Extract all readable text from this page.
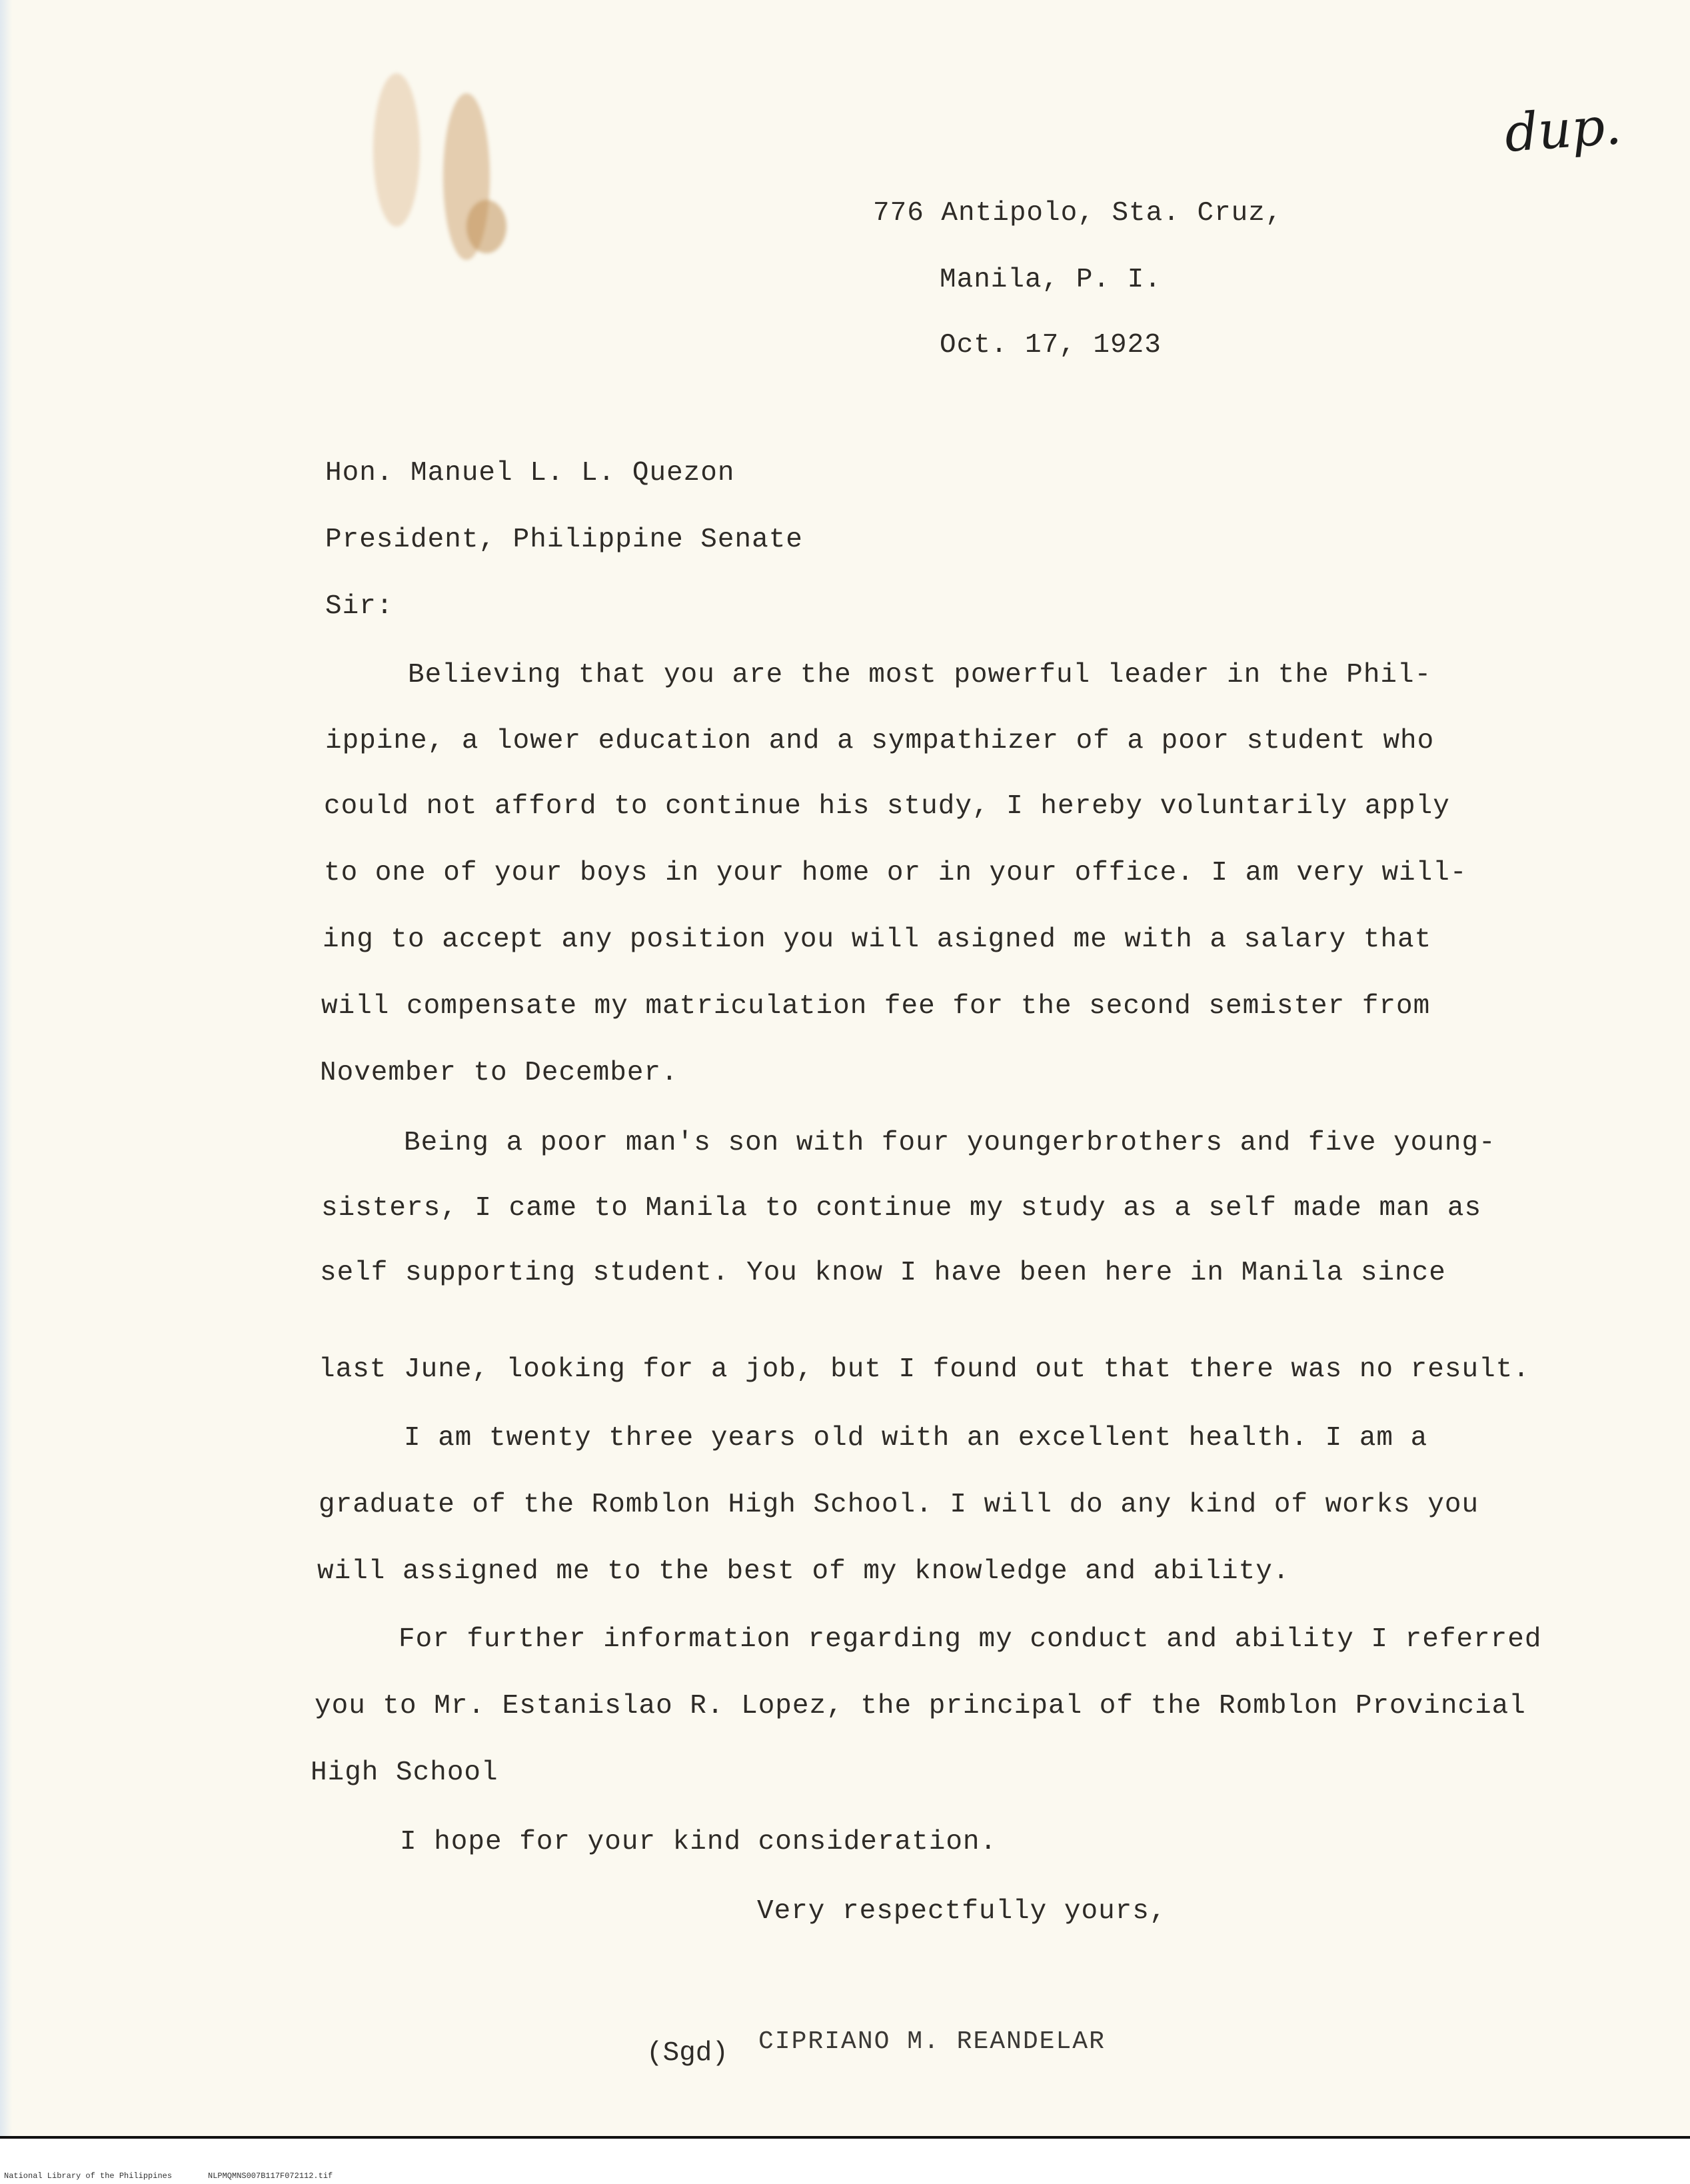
dup.
776 Antipolo, Sta. Cruz,
Manila, P. I.
Oct. 17, 1923
Hon. Manuel L. L. Quezon
President, Philippine Senate
Sir:
Believing that you are the most powerful leader in the Phil-
ippine, a lower education and a sympathizer of a poor student who
could not afford to continue his study, I hereby voluntarily apply
to one of your boys in your home or in your office. I am very will-
ing to accept any position you will asigned me with a salary that
will compensate my matriculation fee for the second semister from
November to December.
Being a poor man's son with four youngerbrothers and five young-
sisters, I came to Manila to continue my study as a self made man as
self supporting student. You know I have been here in Manila since
last June, looking for a job, but I found out that there was no result.
I am twenty three years old with an excellent health. I am a
graduate of the Romblon High School. I will do any kind of works you
will assigned me to the best of my knowledge and ability.
For further information regarding my conduct and ability I referred
you to Mr. Estanislao R. Lopez, the principal of the Romblon Provincial
High School
I hope for your kind consideration.
Very respectfully yours,
(Sgd) CIPRIANO M. REANDELAR
National Library of the Philippines	NLPMQMNS007B117F072112.tif
